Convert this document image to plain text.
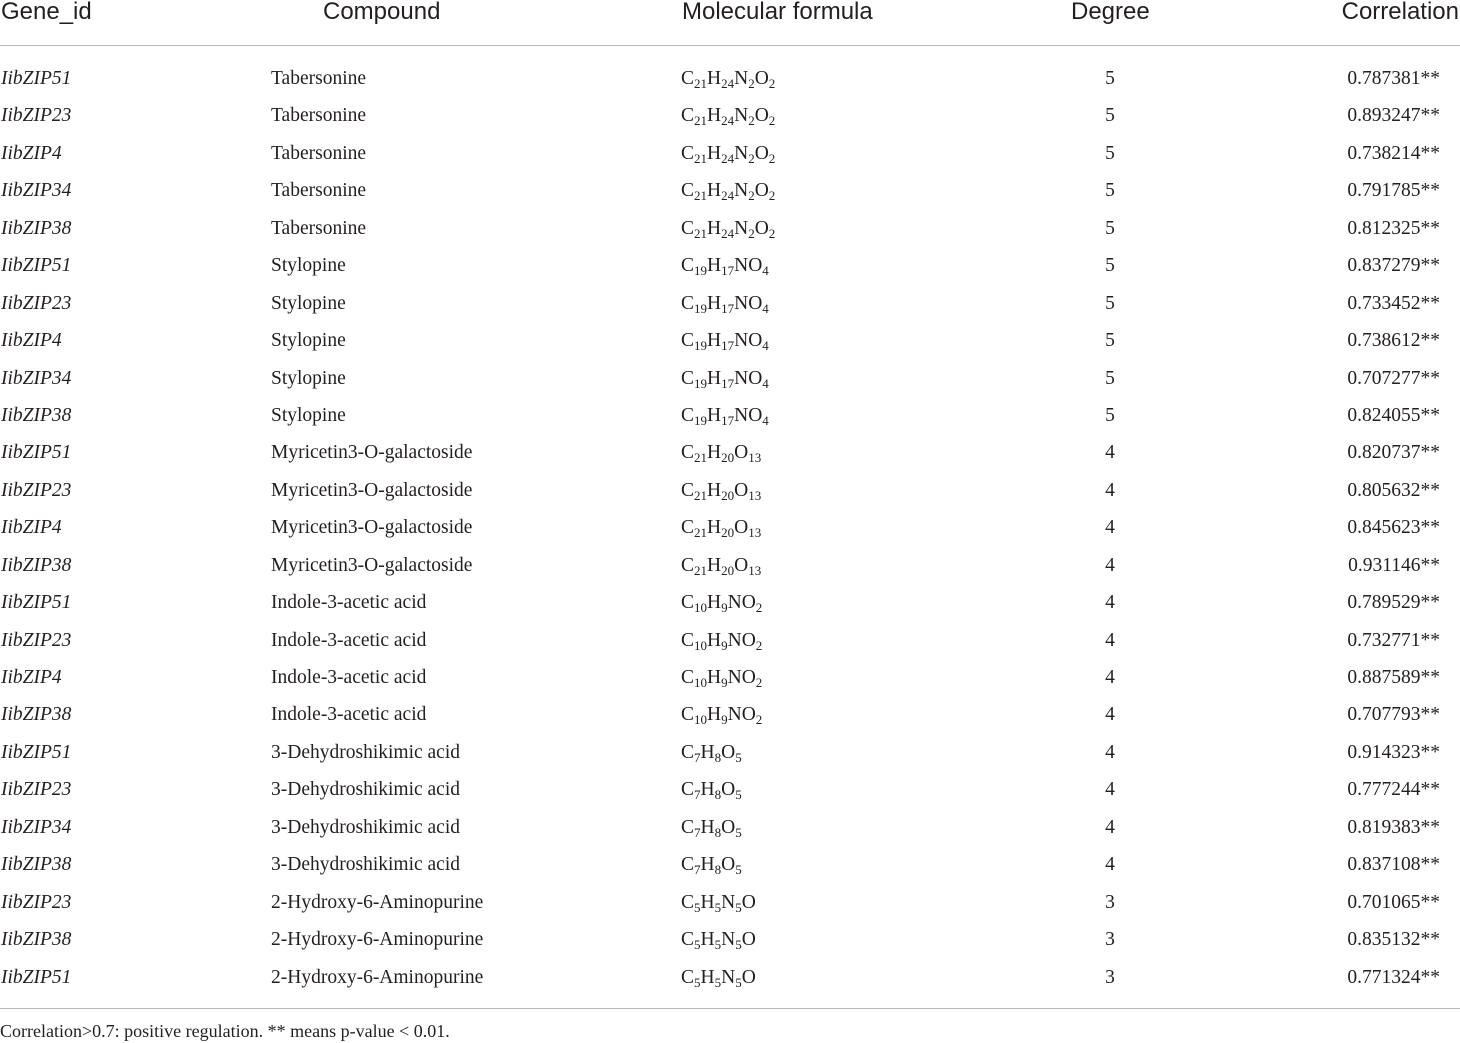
Gene_id	Compound	Molecular formula	Degree	Correlation
IibZIP51	Tabersonine	$C_{21}H_{24}N_2O_2$	5	0.787381**
IibZIP23	Tabersonine	$C_{21}H_{24}N_2O_2$	5	0.893247**
IibZIP4	Tabersonine	$C_{21}H_{24}N_2O_2$	5	0.738214**
IibZIP34	Tabersonine	$C_{21}H_{24}N_2O_2$	5	0.791785**
IibZIP38	Tabersonine	$C_{21}H_{24}N_2O_2$	5	0.812325**
IibZIP51	Stylopine	$C_{19}H_{17}NO_4$	5	0.837279**
IibZIP23	Stylopine	$C_{19}H_{17}NO_4$	5	0.733452**
IibZIP4	Stylopine	$C_{19}H_{17}NO_4$	5	0.738612**
IibZIP34	Stylopine	$C_{19}H_{17}NO_4$	5	0.707277**
IibZIP38	Stylopine	$C_{19}H_{17}NO_4$	5	0.824055**
IibZIP51	Myricetin3-O-galactoside	$C_{21}H_{20}O_{13}$	4	0.820737**
IibZIP23	Myricetin3-O-galactoside	$C_{21}H_{20}O_{13}$	4	0.805632**
IibZIP4	Myricetin3-O-galactoside	$C_{21}H_{20}O_{13}$	4	0.845623**
IibZIP38	Myricetin3-O-galactoside	$C_{21}H_{20}O_{13}$	4	0.931146**
IibZIP51	Indole-3-acetic acid	$C_{10}H_9NO_2$	4	0.789529**
IibZIP23	Indole-3-acetic acid	$C_{10}H_9NO_2$	4	0.732771**
IibZIP4	Indole-3-acetic acid	$C_{10}H_9NO_2$	4	0.887589**
IibZIP38	Indole-3-acetic acid	$C_{10}H_9NO_2$	4	0.707793**
IibZIP51	3-Dehydroshikimic acid	$C_7H_8O_5$	4	0.914323**
IibZIP23	3-Dehydroshikimic acid	$C_7H_8O_5$	4	0.777244**
IibZIP34	3-Dehydroshikimic acid	$C_7H_8O_5$	4	0.819383**
IibZIP38	3-Dehydroshikimic acid	$C_7H_8O_5$	4	0.837108**
IibZIP23	2-Hydroxy-6-Aminopurine	$C_5H_5N_5O$	3	0.701065**
IibZIP38	2-Hydroxy-6-Aminopurine	$C_5H_5N_5O$	3	0.835132**
IibZIP51	2-Hydroxy-6-Aminopurine	$C_5H_5N_5O$	3	0.771324**
Correlation>0.7: positive regulation. ** means p-value < 0.01.
